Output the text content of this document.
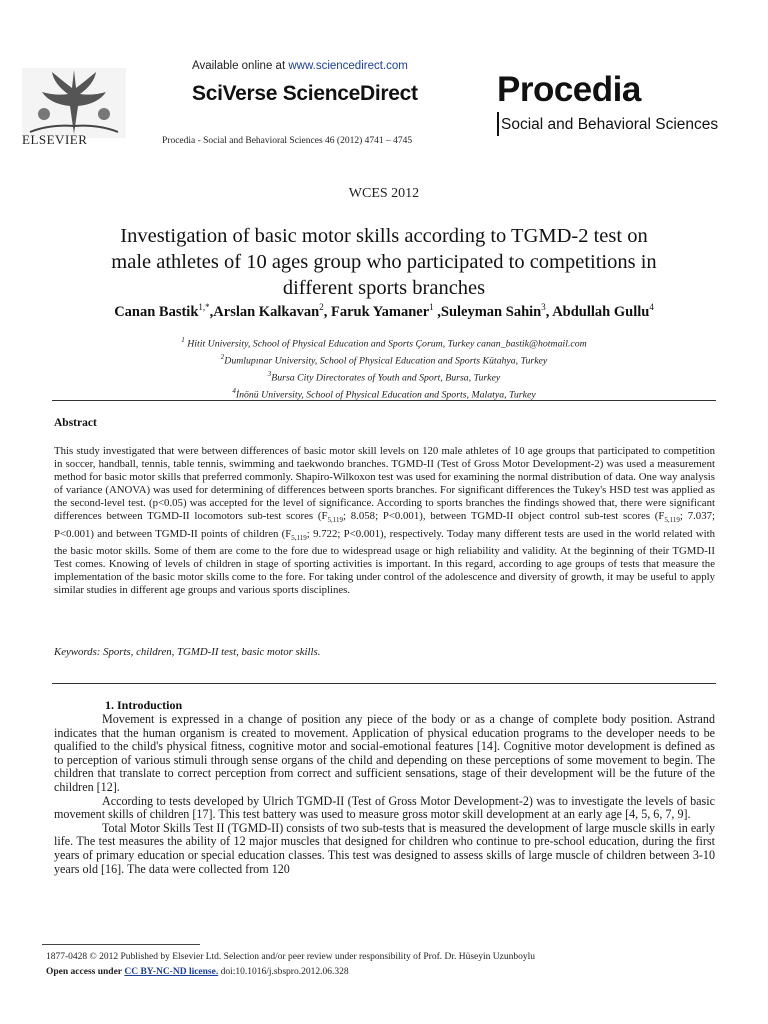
ELSEVIER
Available online at www.sciencedirect.com
SciVerse ScienceDirect
Procedia - Social and Behavioral Sciences 46 (2012) 4741 – 4745
Procedia
Social and Behavioral Sciences
WCES 2012
Investigation of basic motor skills according to TGMD-2 test on
male athletes of 10 ages group who participated to competitions in
different sports branches
Canan Bastik$^{1,*}$,Arslan Kalkavan$^2$, Faruk Yamaner$^1$ ,Suleyman Sahin$^3$, Abdullah Gullu$^4$
$^1$ Hitit University, School of Physical Education and Sports Çorum, Turkey canan_bastik@hotmail.com
$^2$Dumlupınar University, School of Physical Education and Sports Kütahya, Turkey
$^3$Bursa City Directorates of Youth and Sport, Bursa, Turkey
$^4$İnönü University, School of Physical Education and Sports, Malatya, Turkey
Abstract
This study investigated that were between differences of basic motor skill levels on 120 male athletes of 10 age groups that participated to competition in soccer, handball, tennis, table tennis, swimming and taekwondo branches. TGMD-II (Test of Gross Motor Development-2) was used a measurement method for basic motor skills that preferred commonly. Shapiro-Wilkoxon test was used for examining the normal distribution of data. One way analysis of variance (ANOVA) was used for determining of differences between sports branches. For significant differences the Tukey's HSD test was applied as the second-level test. (p<0.05) was accepted for the level of significance. According to sports branches the findings showed that, there were significant differences between TGMD-II locomotors sub-test scores ($F_{5,119}$; 8.058; P<0.001), between TGMD-II object control sub-test scores ($F_{5,119}$; 7.037; P<0.001) and between TGMD-II points of children ($F_{5,119}$; 9.722; P<0.001), respectively. Today many different tests are used in the world related with the basic motor skills. Some of them are come to the fore due to widespread usage or high reliability and validity. At the beginning of their TGMD-II Test comes. Knowing of levels of children in stage of sporting activities is important. In this regard, according to age groups of tests that measure the implementation of the basic motor skills come to the fore. For taking under control of the adolescence and diversity of growth, it may be useful to apply similar studies in different age groups and various sports disciplines.
Keywords: Sports, children, TGMD-II test, basic motor skills.
1. Introduction

Movement is expressed in a change of position any piece of the body or as a change of complete body position. Astrand indicates that the human organism is created to movement. Application of physical education programs to the developer needs to be qualified to the child's physical fitness, cognitive motor and social-emotional features [14]. Cognitive motor development is defined as to perception of various stimuli through sense organs of the child and depending on these perceptions of some movement to begin. The children that translate to correct perception from correct and sufficient sensations, stage of their development will be the future of the children [12].

According to tests developed by Ulrich TGMD-II (Test of Gross Motor Development-2) was to investigate the levels of basic movement skills of children [17]. This test battery was used to measure gross motor skill development at an early age [4, 5, 6, 7, 9].

Total Motor Skills Test II (TGMD-II) consists of two sub-tests that is measured the development of large muscle skills in early life. The test measures the ability of 12 major muscles that designed for children who continue to pre-school education, during the first years of primary education or special education classes. This test was designed to assess skills of large muscle of children between 3-10 years old [16]. The data were collected from 120

1877-0428 © 2012 Published by Elsevier Ltd. Selection and/or peer review under responsibility of Prof. Dr. Hüseyin Uzunboylu
Open access under CC BY-NC-ND license. doi:10.1016/j.sbspro.2012.06.328
